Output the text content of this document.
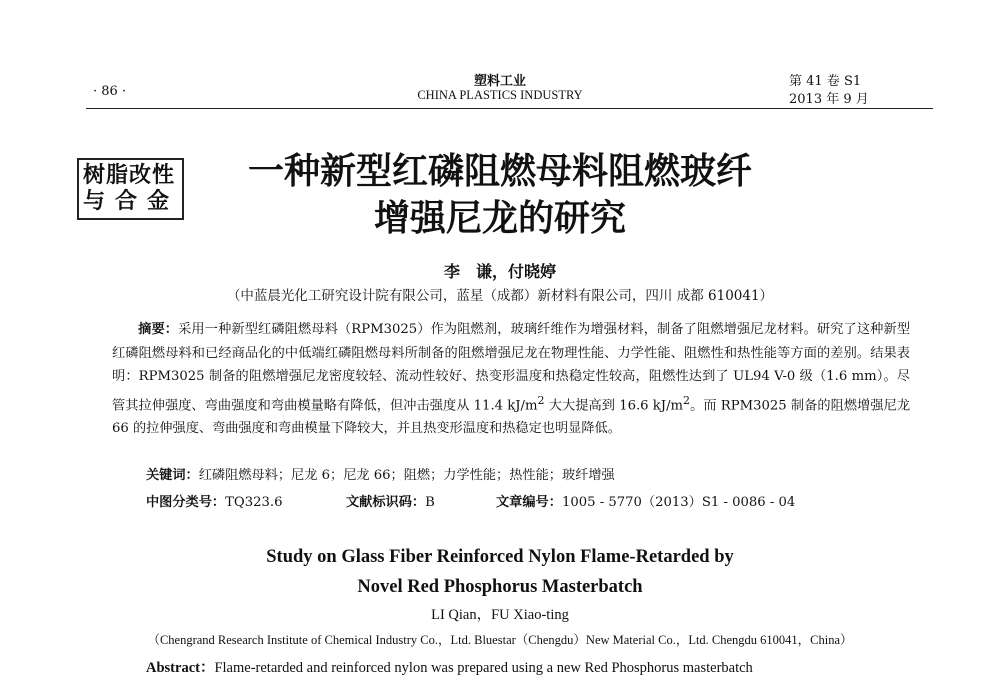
· 86 ·
塑料工业
CHINA PLASTICS INDUSTRY
第 41 卷 S1
2013 年 9 月
树脂改性
与合金
一种新型红磷阻燃母料阻燃玻纤
增强尼龙的研究
李　谦，付晓婷
（中蓝晨光化工研究设计院有限公司，蓝星（成都）新材料有限公司，四川 成都 610041）
摘要：采用一种新型红磷阻燃母料（RPM3025）作为阻燃剂，玻璃纤维作为增强材料，制备了阻燃增强尼龙材料。研究了这种新型红磷阻燃母料和已经商品化的中低端红磷阻燃母料所制备的阻燃增强尼龙在物理性能、力学性能、阻燃性和热性能等方面的差别。结果表明：RPM3025 制备的阻燃增强尼龙密度较轻、流动性较好、热变形温度和热稳定性较高，阻燃性达到了 UL94 V-0 级（1.6 mm）。尽管其拉伸强度、弯曲强度和弯曲模量略有降低，但冲击强度从 11.4 $kJ/m^2$ 大大提高到 16.6 $kJ/m^2$。而 RPM3025 制备的阻燃增强尼龙 66 的拉伸强度、弯曲强度和弯曲模量下降较大，并且热变形温度和热稳定也明显降低。
关键词：红磷阻燃母料；尼龙 6；尼龙 66；阻燃；力学性能；热性能；玻纤增强
中图分类号：TQ323.6	文献标识码：B	文章编号：1005 - 5770（2013）S1 - 0086 - 04
Study on Glass Fiber Reinforced Nylon Flame-Retarded by
Novel Red Phosphorus Masterbatch
LI Qian，FU Xiao-ting
（Chengrand Research Institute of Chemical Industry Co.，Ltd. Bluestar（Chengdu）New Material Co.，Ltd. Chengdu 610041，China）
Abstract：Flame-retarded and reinforced nylon was prepared using a new Red Phosphorus masterbatch
